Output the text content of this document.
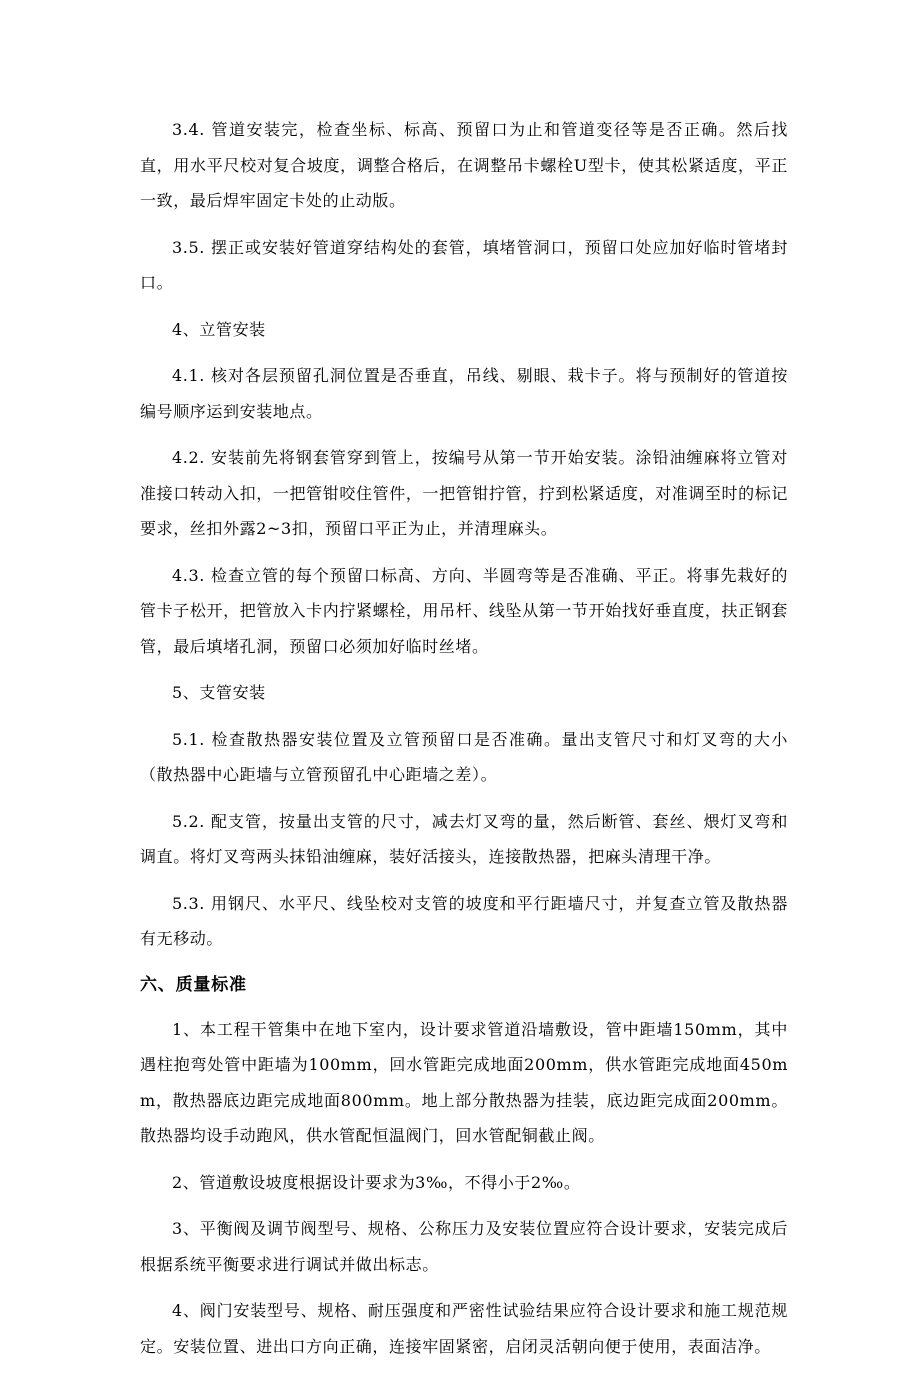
3.4. 管道安装完，检查坐标、标高、预留口为止和管道变径等是否正确。然后找直，用水平尺校对复合坡度，调整合格后，在调整吊卡螺栓U型卡，使其松紧适度，平正一致，最后焊牢固定卡处的止动版。

3.5. 摆正或安装好管道穿结构处的套管，填堵管洞口，预留口处应加好临时管堵封口。

4、立管安装

4.1. 核对各层预留孔洞位置是否垂直，吊线、剔眼、栽卡子。将与预制好的管道按编号顺序运到安装地点。

4.2. 安装前先将钢套管穿到管上，按编号从第一节开始安装。涂铅油缠麻将立管对准接口转动入扣，一把管钳咬住管件，一把管钳拧管，拧到松紧适度，对准调至时的标记要求，丝扣外露2~3扣，预留口平正为止，并清理麻头。

4.3. 检查立管的每个预留口标高、方向、半圆弯等是否准确、平正。将事先栽好的管卡子松开，把管放入卡内拧紧螺栓，用吊杆、线坠从第一节开始找好垂直度，扶正钢套管，最后填堵孔洞，预留口必须加好临时丝堵。

5、支管安装

5.1. 检查散热器安装位置及立管预留口是否准确。量出支管尺寸和灯叉弯的大小（散热器中心距墙与立管预留孔中心距墙之差）。

5.2. 配支管，按量出支管的尺寸，减去灯叉弯的量，然后断管、套丝、煨灯叉弯和调直。将灯叉弯两头抹铅油缠麻，装好活接头，连接散热器，把麻头清理干净。

5.3. 用钢尺、水平尺、线坠校对支管的坡度和平行距墙尺寸，并复查立管及散热器有无移动。

六、质量标准

1、本工程干管集中在地下室内，设计要求管道沿墙敷设，管中距墙150mm，其中遇柱抱弯处管中距墙为100mm，回水管距完成地面200mm，供水管距完成地面450mm，散热器底边距完成地面800mm。地上部分散热器为挂装，底边距完成面200mm。散热器均设手动跑风，供水管配恒温阀门，回水管配铜截止阀。

2、管道敷设坡度根据设计要求为3‰，不得小于2‰。

3、平衡阀及调节阀型号、规格、公称压力及安装位置应符合设计要求，安装完成后根据系统平衡要求进行调试并做出标志。

4、阀门安装型号、规格、耐压强度和严密性试验结果应符合设计要求和施工规范规定。安装位置、进出口方向正确，连接牢固紧密，启闭灵活朝向便于使用，表面洁净。
